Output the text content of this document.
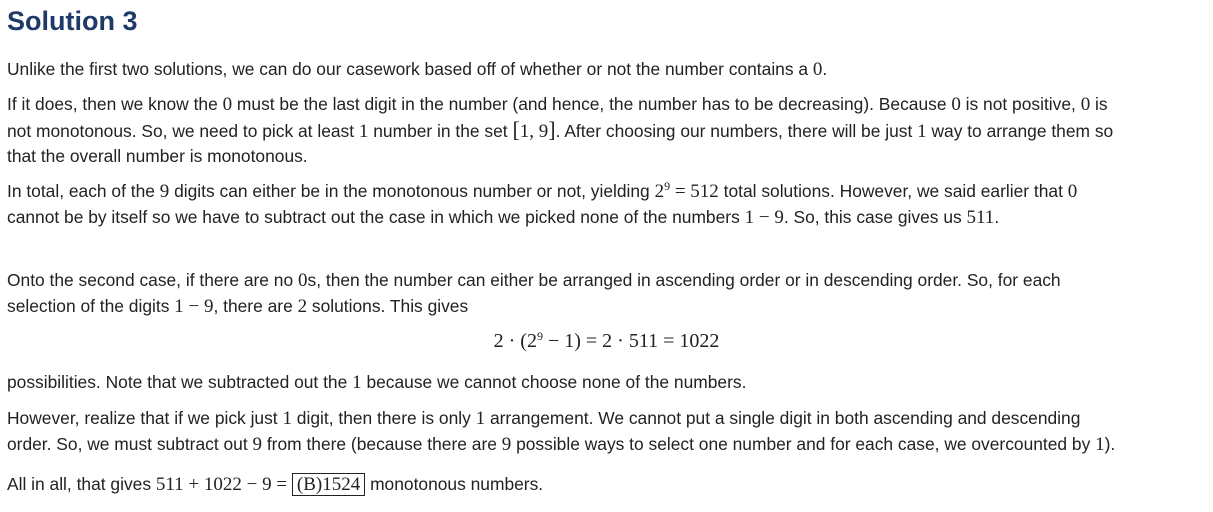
Solution 3

Unlike the first two solutions, we can do our casework based off of whether or not the number contains a 0.

If it does, then we know the 0 must be the last digit in the number (and hence, the number has to be decreasing). Because 0 is not positive, 0 is

not monotonous. So, we need to pick at least 1 number in the set [1, 9]. After choosing our numbers, there will be just 1 way to arrange them so

that the overall number is monotonous.

In total, each of the 9 digits can either be in the monotonous number or not, yielding $2^9 = 512$ total solutions. However, we said earlier that 0

cannot be by itself so we have to subtract out the case in which we picked none of the numbers 1 − 9. So, this case gives us 511.

Onto the second case, if there are no 0s, then the number can either be arranged in ascending order or in descending order. So, for each

selection of the digits 1 − 9, there are 2 solutions. This gives

$2 \cdot (2^9 - 1) = 2 \cdot 511 = 1022$

possibilities. Note that we subtracted out the 1 because we cannot choose none of the numbers.

However, realize that if we pick just 1 digit, then there is only 1 arrangement. We cannot put a single digit in both ascending and descending

order. So, we must subtract out 9 from there (because there are 9 possible ways to select one number and for each case, we overcounted by 1).

All in all, that gives 511 + 1022 − 9 = (B)1524 monotonous numbers.
